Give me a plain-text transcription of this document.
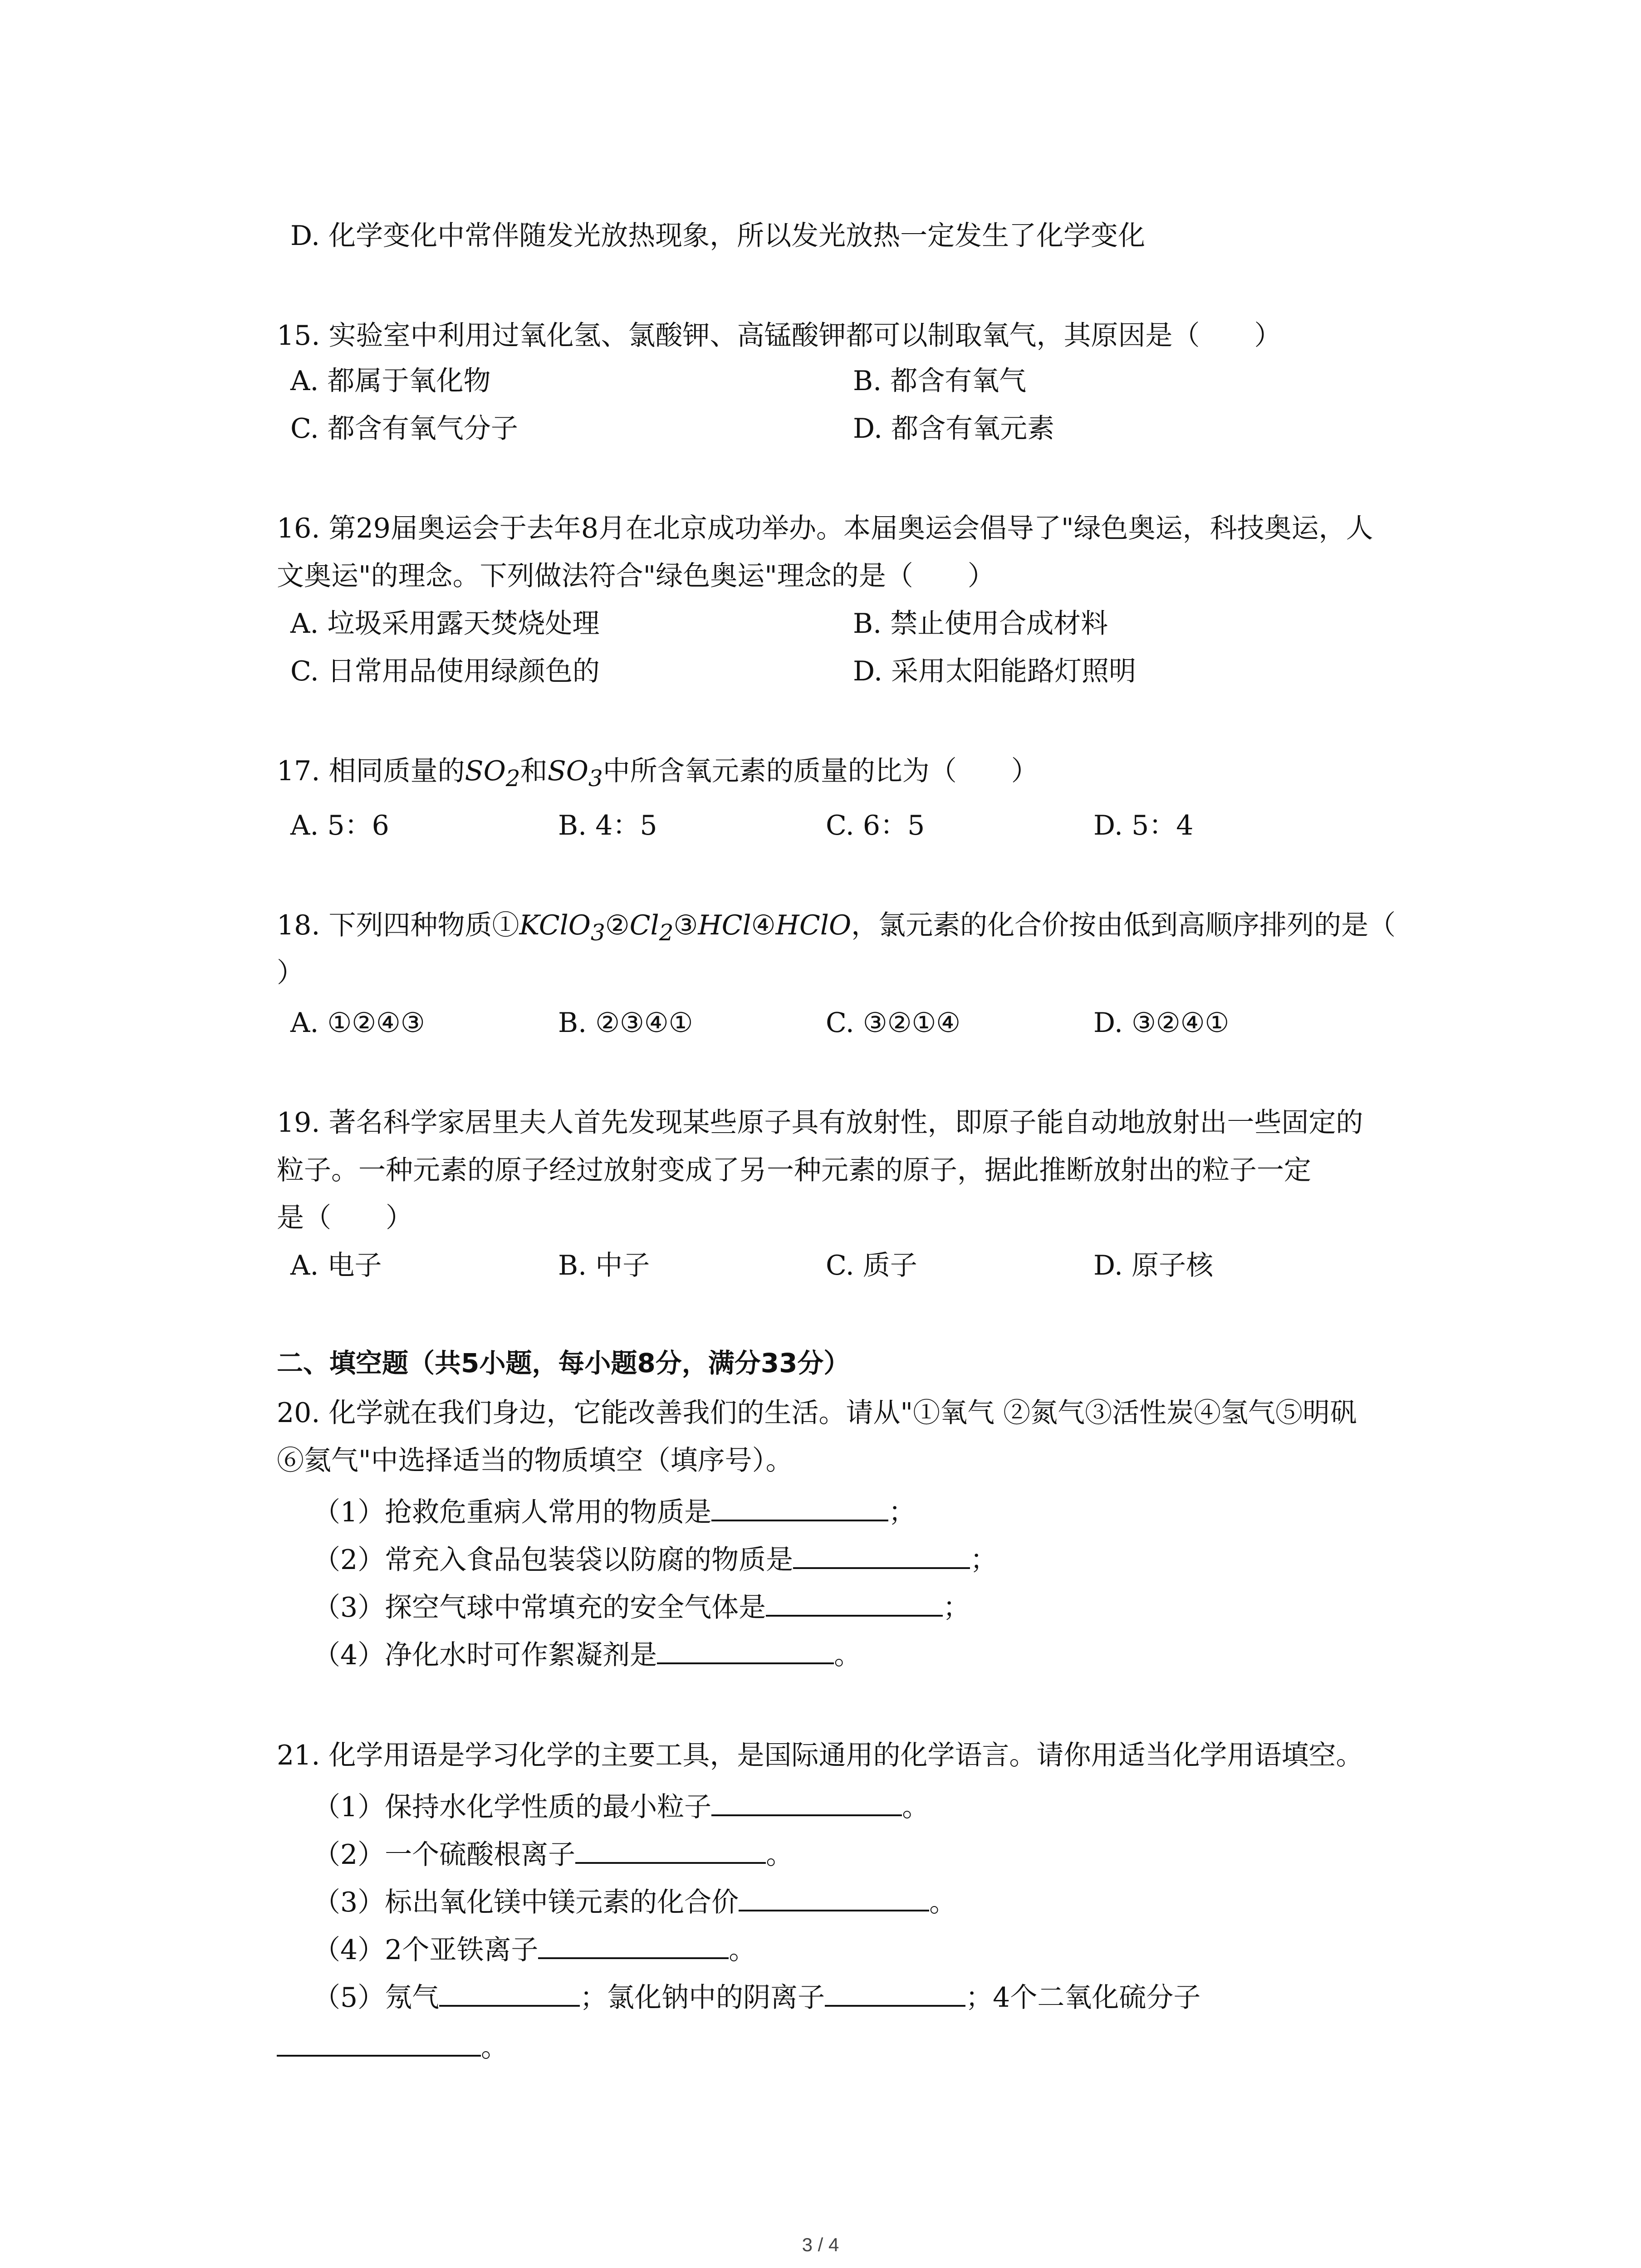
D. 化学变化中常伴随发光放热现象，所以发光放热一定发生了化学变化
15. 实验室中利用过氧化氢、氯酸钾、高锰酸钾都可以制取氧气，其原因是（　　）
A. 都属于氧化物	B. 都含有氧气
C. 都含有氧气分子	D. 都含有氧元素
16. 第29届奥运会于去年8月在北京成功举办。本届奥运会倡导了"绿色奥运，科技奥运，人
文奥运"的理念。下列做法符合"绿色奥运"理念的是（　　）
A. 垃圾采用露天焚烧处理	B. 禁止使用合成材料
C. 日常用品使用绿颜色的	D. 采用太阳能路灯照明
17. 相同质量的$SO_2$和$SO_3$中所含氧元素的质量的比为（　　）
A. 5：6	B. 4：5	C. 6：5	D. 5：4
18. 下列四种物质$①KClO_3②Cl_2③HCl④HClO$，氯元素的化合价按由低到高顺序排列的是（
）
A. ①②④③	B. ②③④①	C. ③②①④	D. ③②④①
19. 著名科学家居里夫人首先发现某些原子具有放射性，即原子能自动地放射出一些固定的
粒子。一种元素的原子经过放射变成了另一种元素的原子，据此推断放射出的粒子一定
是（　　）
A. 电子	B. 中子	C. 质子	D. 原子核
二、填空题（共5小题，每小题8分，满分33分）
20. 化学就在我们身边，它能改善我们的生活。请从"①氧气 ②氮气③活性炭④氢气⑤明矾
⑥氦气"中选择适当的物质填空（填序号）。
（1）抢救危重病人常用的物质是	；
（2）常充入食品包装袋以防腐的物质是	；
（3）探空气球中常填充的安全气体是	；
（4）净化水时可作絮凝剂是	。
21. 化学用语是学习化学的主要工具，是国际通用的化学语言。请你用适当化学用语填空。
（1）保持水化学性质的最小粒子	。
（2）一个硫酸根离子	。
（3）标出氧化镁中镁元素的化合价	。
（4）2个亚铁离子	。
（5）氖气	；氯化钠中的阴离子	；4个二氧化硫分子
。
3 / 4
